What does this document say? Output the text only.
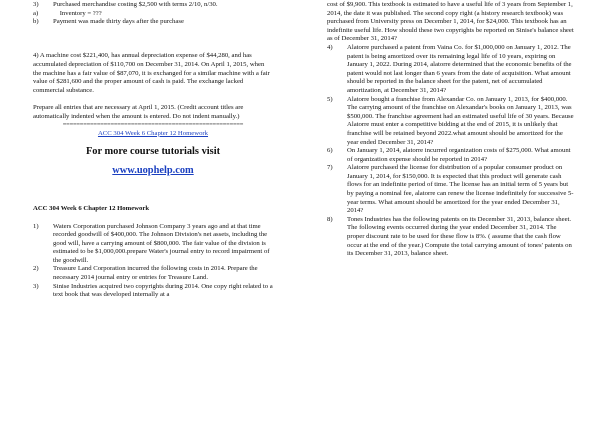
3)	Purchased merchandise costing $2,500 with terms 2/10, n/30.
a)	Inventory = ???
b)	Payment was made thirty days after the purchase

4) A machine cost $221,400, has annual depreciation expense of $44,280, and has accumulated depreciation of $110,700 on December 31, 2014. On April 1, 2015, when the machine has a fair value of $87,070, it is exchanged for a similar machine with a fair value of $281,600 and the proper amount of cash is paid. The exchange lacked commercial substance.

Prepare all entries that are necessary at April 1, 2015. (Credit account titles are automatically indented when the amount is entered. Do not indent manually.)

=====================================================
ACC 304 Week 6 Chapter 12 Homework
For more course tutorials visit
www.uophelp.com
ACC 304 Week 6 Chapter 12 Homework
1)	Waters Corporation purchased Johnson Company 3 years ago and at that time recorded goodwill of $400,000. The Johnson Division's net assets, including the good will, have a carrying amount of $800,000. The fair value of the division is estimated to be $1,000,000.prepare Water's journal entry to record impairment of the goodwill.
2)	Treasure Land Corporation incurred the following costs in 2014. Prepare the necessary 2014 journal entry or entries for Treasure Land.
3)	Sinise Industries acquired two copyrights during 2014. One copy right related to a text book that was developed internally at a

cost of $9,900. This textbook is estimated to have a useful life of 3 years from September 1, 2014, the date it was published. The second copy right (a history research textbook) was purchased from University press on December 1, 2014, for $24,000. This textbook has an indefinite useful life. How should these two copyrights be reported on Sinise's balance sheet as of December 31, 2014?

4)	Alatorre purchased a patent from Vaina Co. for $1,000,000 on January 1, 2012. The patent is being amortized over its remaining legal life of 10 years, expiring on January 1, 2022. During 2014, alatorre determined that the economic benefits of the patent would not last longer than 6 years from the date of acquisition. What amount should be reported in the balance sheet for the patent, net of accumulated amortization, at December 31, 2014?
5)	Alatorre bought a franchise from Alexandar Co. on January 1, 2013, for $400,000. The carrying amount of the franchise on Alexandar's books on January 1, 2013, was $500,000. The franchise agreement had an estimated useful life of 30 years. Because Alatorre must enter a competitive bidding at the end of 2015, it is unlikely that franchise will be retained beyond 2022.what amount should be amortized for the year ended December 31, 2014?
6)	On January 1, 2014, alatorre incurred organization costs of $275,000. What amount of organization expense should be reported in 2014?
7)	Alatorre purchased the license for distribution of a popular consumer product on January 1, 2014, for $150,000. It is expected that this product will generate cash flows for an indefinite period of time. The license has an initial term of 5 years but by paying a nominal fee, alatorre can renew the license indefinitely for successive 5-year terms. What amount should be amortized for the year ended December 31, 2014?
8)	Tones Industries has the following patents on its December 31, 2013, balance sheet. The following events occurred during the year ended December 31, 2014. The proper discount rate to be used for these flow is 8%. ( assume that the cash flow occur at the end of the year.) Compute the total carrying amount of tones' patents on its December 31, 2013, balance sheet.
